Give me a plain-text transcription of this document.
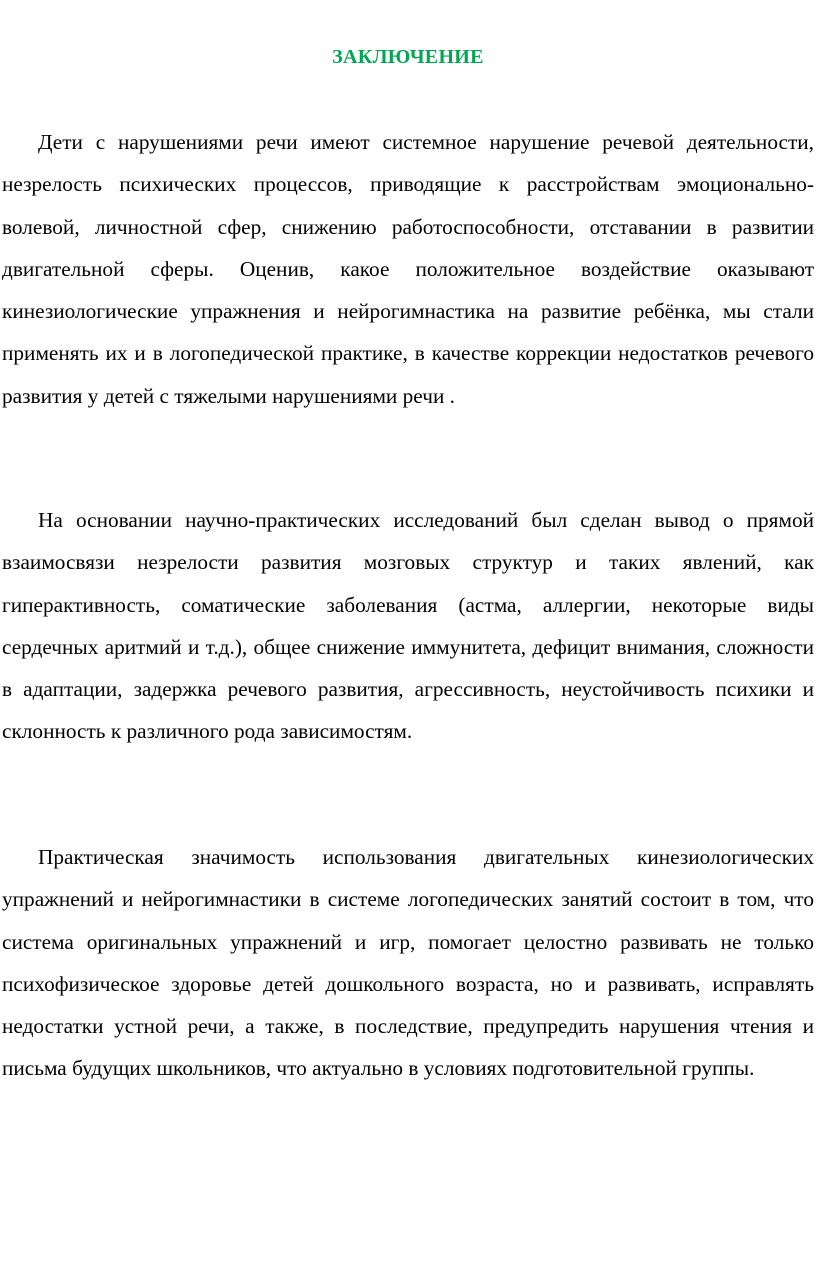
ЗАКЛЮЧЕНИЕ

Дети с нарушениями речи имеют системное нарушение речевой деятельности, незрелость психических процессов, приводящие к расстройствам эмоционально-волевой, личностной сфер, снижению работоспособности, отставании в развитии двигательной сферы. Оценив, какое положительное воздействие оказывают кинезиологические упражнения и нейрогимнастика на развитие ребёнка, мы стали применять их и в логопедической практике, в качестве коррекции недостатков речевого развития у детей с тяжелыми нарушениями речи .

На основании научно-практических исследований был сделан вывод о прямой взаимосвязи незрелости развития мозговых структур и таких явлений, как гиперактивность, соматические заболевания (астма, аллергии, некоторые виды сердечных аритмий и т.д.), общее снижение иммунитета, дефицит внимания, сложности в адаптации, задержка речевого развития, агрессивность, неустойчивость психики и склонность к различного рода зависимостям.

Практическая значимость использования двигательных кинезиологических упражнений и нейрогимнастики в системе логопедических занятий состоит в том, что система оригинальных упражнений и игр, помогает целостно развивать не только психофизическое здоровье детей дошкольного возраста, но и развивать, исправлять недостатки устной речи, а также, в последствие, предупредить нарушения чтения и письма будущих школьников, что актуально в условиях подготовительной группы.
